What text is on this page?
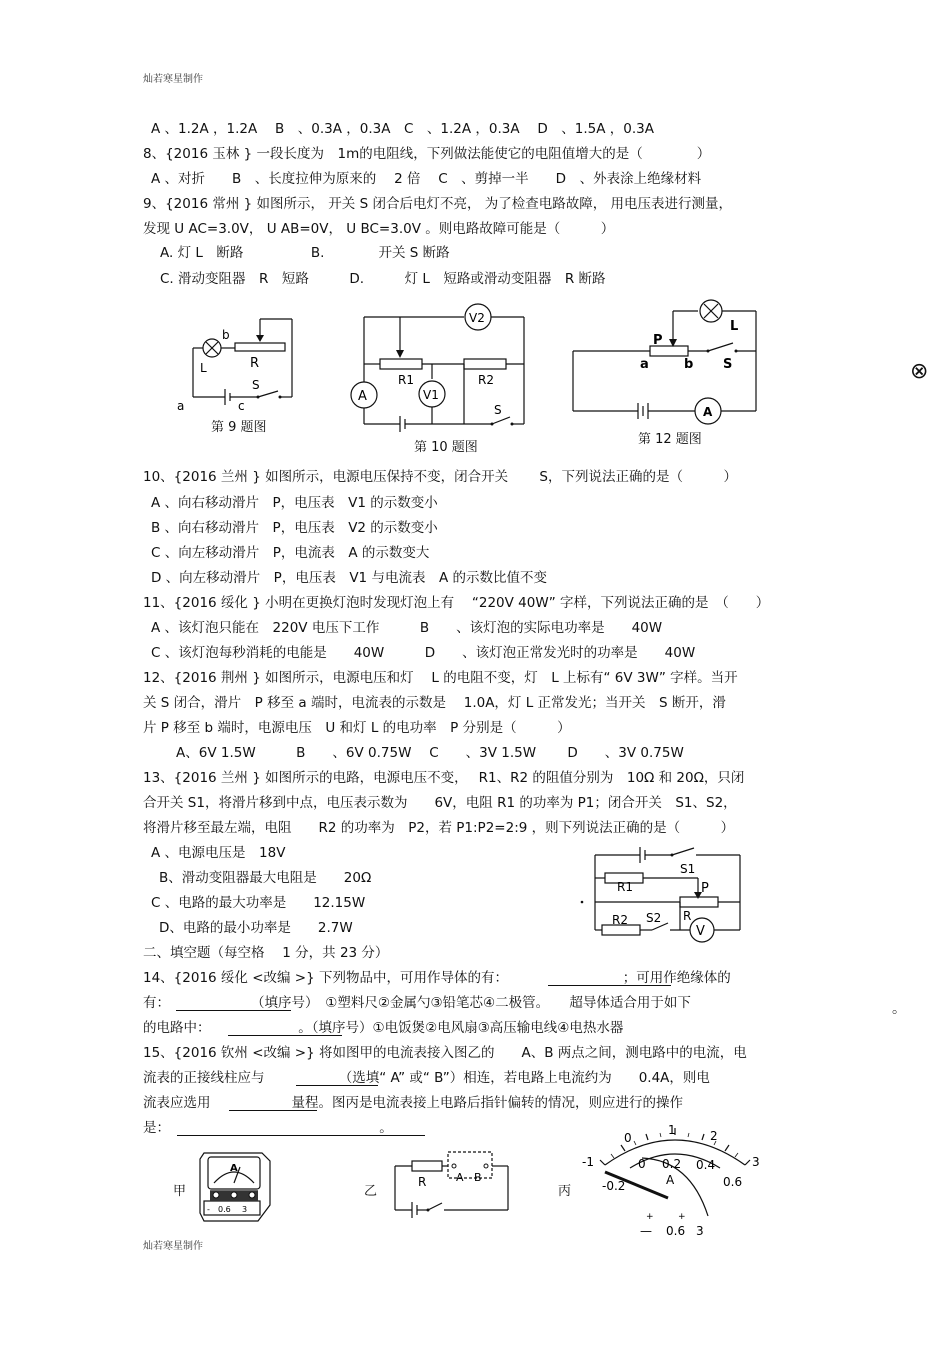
灿若寒星制作
A 、1.2A ，1.2A　 B　、0.3A ，0.3A　C　、1.2A ，0.3A　 D　、1.5A ，0.3A
8、{2016 玉林 } 一段长度为　1m的电阻线，下列做法能使它的电阻值增大的是（　　　　）
A 、对折　　B　、长度拉伸为原来的　 2 倍　 C　、剪掉一半　　D　、外表涂上绝缘材料
9、{2016 常州 } 如图所示， 开关 S 闭合后电灯不亮， 为了检查电路故障， 用电压表进行测量，
发现 U AC=3.0V， U AB=0V， U BC=3.0V 。则电路故障可能是（　　　）
A. 灯 L　断路　　　　　B.　　　　开关 S 断路
C. 滑动变阻器　R　短路　　　D.　　　灯 L　短路或滑动变阻器　R 断路
10、{2016 兰州 } 如图所示，电源电压保持不变，闭合开关　　 S，下列说法正确的是（　　　）
A 、向右移动滑片　P，电压表　V1 的示数变小
B 、向右移动滑片　P，电压表　V2 的示数变小
C 、向左移动滑片　P，电流表　A 的示数变大
D 、向左移动滑片　P，电压表　V1 与电流表　A 的示数比值不变
11、{2016 绥化 } 小明在更换灯泡时发现灯泡上有　 “220V 40W” 字样，下列说法正确的是　（　　）
A 、该灯泡只能在　220V 电压下工作　　　B　　、该灯泡的实际电功率是　　40W
C 、该灯泡每秒消耗的电能是　　40W　　　D　　、该灯泡正常发光时的功率是　　40W
12、{2016 荆州 } 如图所示，电源电压和灯　 L 的电阻不变，灯　L 上标有“ 6V 3W” 字样。当开
关 S 闭合，滑片　P 移至 a 端时，电流表的示数是　 1.0A，灯 L 正常发光；当开关　S 断开，滑
片 P 移至 b 端时，电源电压　U 和灯 L 的电功率　P 分别是（　　　）
A、6V 1.5W　　　B　　、6V 0.75W　 C　　、3V 1.5W　　 D　　、3V 0.75W
13、{2016 兰州 } 如图所示的电路，电源电压不变，　 R1、R2 的阻值分别为　10Ω 和 20Ω，只闭
合开关 S1，将滑片移到中点，电压表示数为　　6V，电阻 R1 的功率为 P1；闭合开关　S1、S2，
将滑片移至最左端，电阻　　R2 的功率为　P2，若 P1:P2=2:9 ，则下列说法正确的是（　　　）
A 、电源电压是　18V
B、滑动变阻器最大电阻是　　20Ω
C 、电路的最大功率是　　12.15W
D、电路的最小功率是　　2.7W
二、填空题（每空格　 1 分，共 23 分）
14、{2016 绥化 <改编 >} 下列物品中，可用作导体的有：　　　　　　　　　；可用作绝缘体的
有：　　　　　　　（填序号）　①塑料尺②金属勺③铅笔芯④二极管。　　超导体适合用于如下
的电路中：　　　　　　　。（填序号）①电饭煲②电风扇③高压输电线④电热水器
15、{2016 钦州 <改编 >} 将如图甲的电流表接入图乙的　　A、B 两点之间，测电路中的电流，电
流表的正接线柱应与　　　　　　（选填“ A” 或“ B”）相连，若电路上电流约为　　0.4A，则电
流表应选用　　　　　　量程。图丙是电流表接上电路后指针偏转的情况，则应进行的操作
是：　　　　　　　　　　　　　　　　。
b
R
L
S
a	c
第 9 题图
V2
R1	R2
A	V1
S
第 10 题图
P
L
a	b S
A
第 12 题图
S1
P
R1
R2 S2 R
V
甲
A
- 0.6 3
乙
R	A B
丙
0
1	2
3
-1	0 0.2 0.4
0.6
-0.2	A
+	+
— 0.6 3
⊗
。
灿若寒星制作
